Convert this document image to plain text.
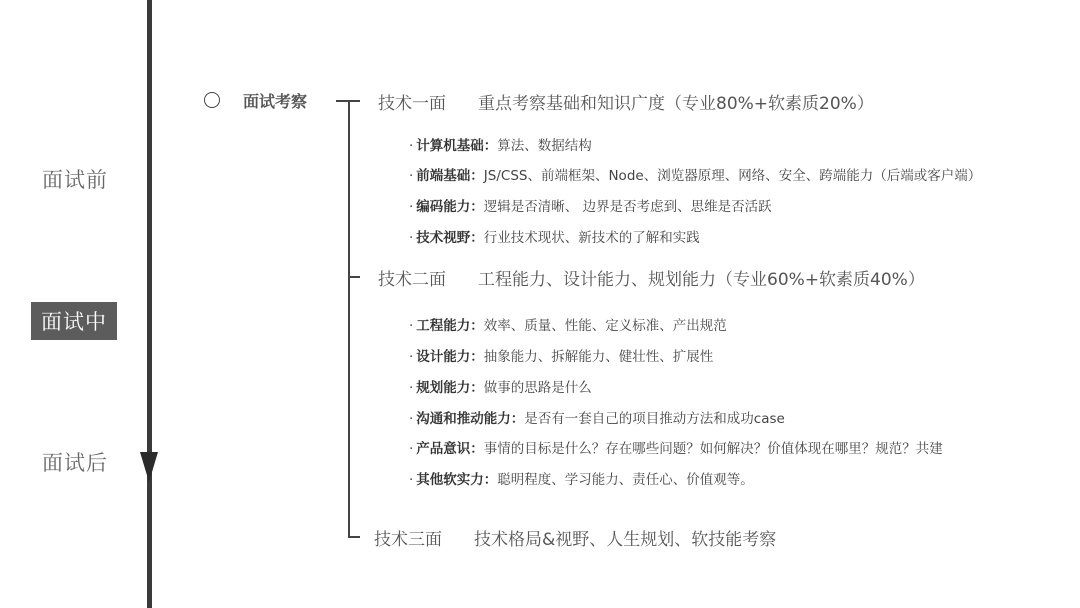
面试前
面试中
面试后
面试考察	技术一面 重点考察基础和知识广度（专业80%+软素质20%）
· 计算机基础：算法、数据结构
· 前端基础：JS/CSS、前端框架、Node、浏览器原理、网络、安全、跨端能力（后端或客户端）
· 编码能力：逻辑是否清晰、 边界是否考虑到、思维是否活跃
· 技术视野：行业技术现状、新技术的了解和实践
技术二面 工程能力、设计能力、规划能力（专业60%+软素质40%）
· 工程能力：效率、质量、性能、定义标准、产出规范
· 设计能力：抽象能力、拆解能力、健壮性、扩展性
· 规划能力：做事的思路是什么
· 沟通和推动能力：是否有一套自己的项目推动方法和成功case
· 产品意识：事情的目标是什么？存在哪些问题？如何解决？价值体现在哪里？规范？共建
· 其他软实力：聪明程度、学习能力、责任心、价值观等。
技术三面 技术格局&视野、人生规划、软技能考察
